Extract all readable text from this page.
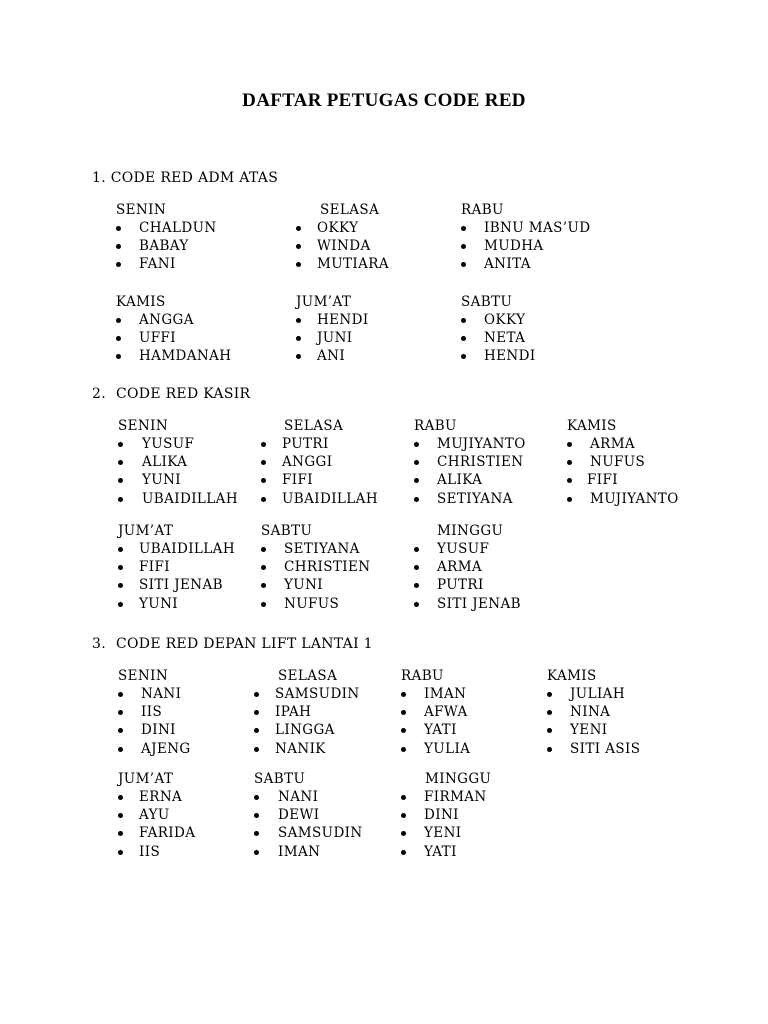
DAFTAR PETUGAS CODE RED
1. CODE RED ADM ATAS
SENIN
CHALDUN
BABAY
FANI
SELASA
OKKY
WINDA
MUTIARA
RABU
IBNU MAS’UD
MUDHA
ANITA
KAMIS
ANGGA
UFFI
HAMDANAH
JUM’AT
HENDI
JUNI
ANI
SABTU
OKKY
NETA
HENDI
2. CODE RED KASIR
SENIN
YUSUF
ALIKA
YUNI
UBAIDILLAH
SELASA
PUTRI
ANGGI
FIFI
UBAIDILLAH
RABU
MUJIYANTO
CHRISTIEN
ALIKA
SETIYANA
KAMIS
ARMA
NUFUS
FIFI
MUJIYANTO
JUM’AT
UBAIDILLAH
FIFI
SITI JENAB
YUNI
SABTU
SETIYANA
CHRISTIEN
YUNI
NUFUS
MINGGU
YUSUF
ARMA
PUTRI
SITI JENAB
3. CODE RED DEPAN LIFT LANTAI 1
SENIN
NANI
IIS
DINI
AJENG
SELASA
SAMSUDIN
IPAH
LINGGA
NANIK
RABU
IMAN
AFWA
YATI
YULIA
KAMIS
JULIAH
NINA
YENI
SITI ASIS
JUM’AT
ERNA
AYU
FARIDA
IIS
SABTU
NANI
DEWI
SAMSUDIN
IMAN
MINGGU
FIRMAN
DINI
YENI
YATI
